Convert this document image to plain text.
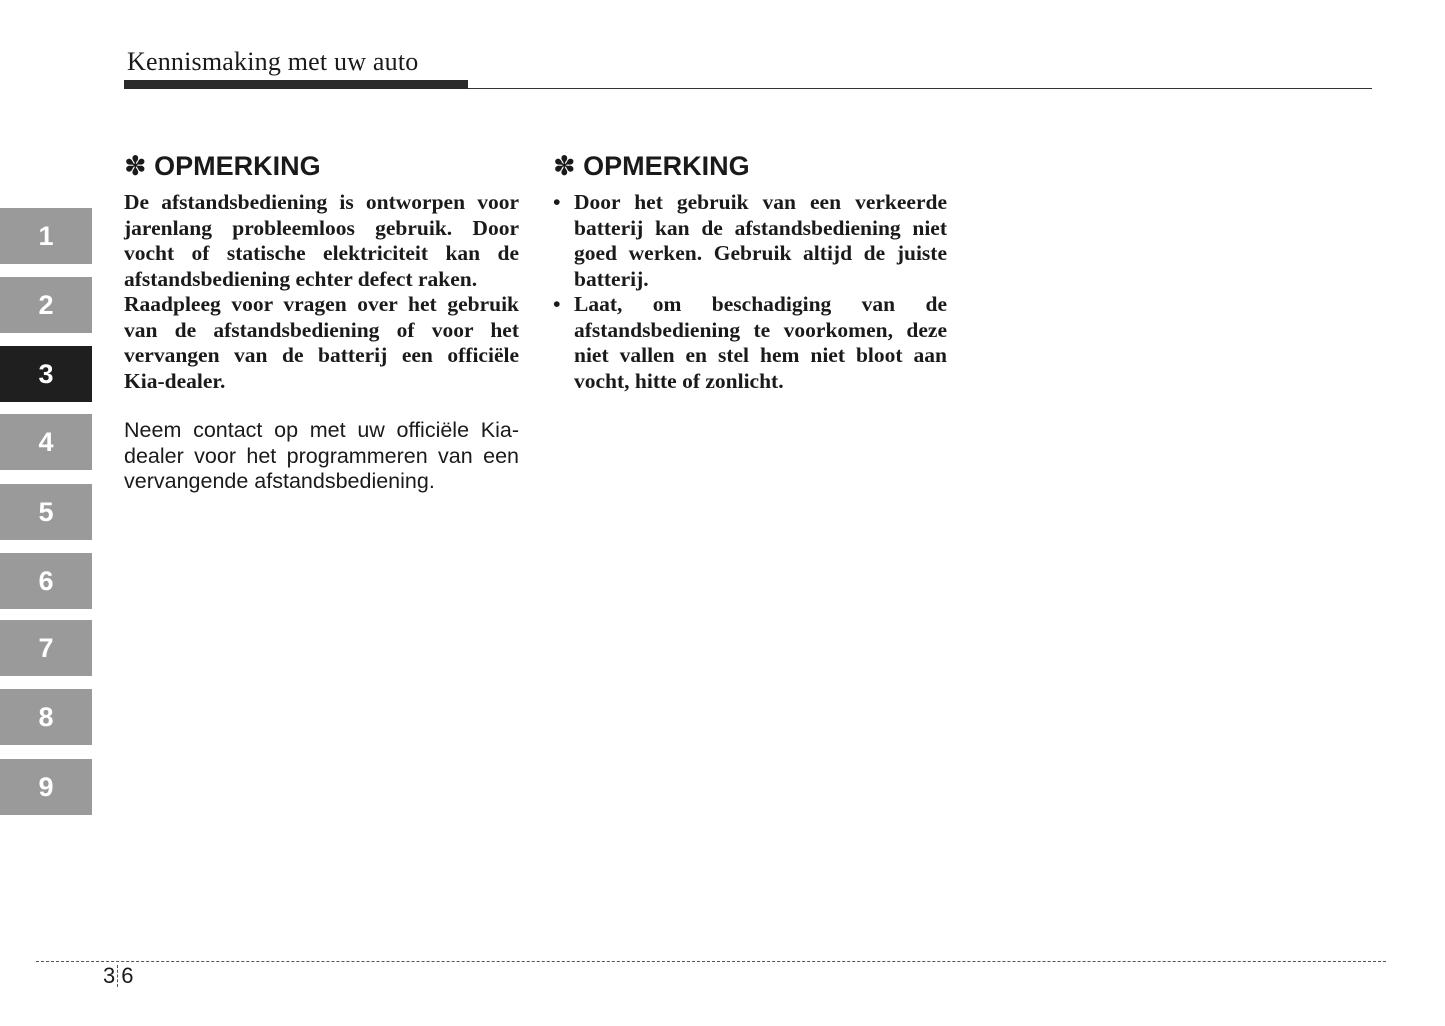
Kennismaking met uw auto
1
2
3
4
5
6
7
8
9
✽ OPMERKING

De afstandsbediening is ontworpen voor jarenlang probleemloos gebruik. Door vocht of statische elektriciteit kan de afstandsbediening echter defect raken.

Raadpleeg voor vragen over het gebruik van de afstandsbediening of voor het vervangen van de batterij een officiële Kia-dealer.

Neem contact op met uw officiële Kia-dealer voor het programmeren van een vervangende afstandsbediening.

✽ OPMERKING
• Door het gebruik van een verkeerde batterij kan de afstandsbediening niet goed werken. Gebruik altijd de juiste batterij.
• Laat, om beschadiging van de afstandsbediening te voorkomen, deze niet vallen en stel hem niet bloot aan vocht, hitte of zonlicht.
3 6
